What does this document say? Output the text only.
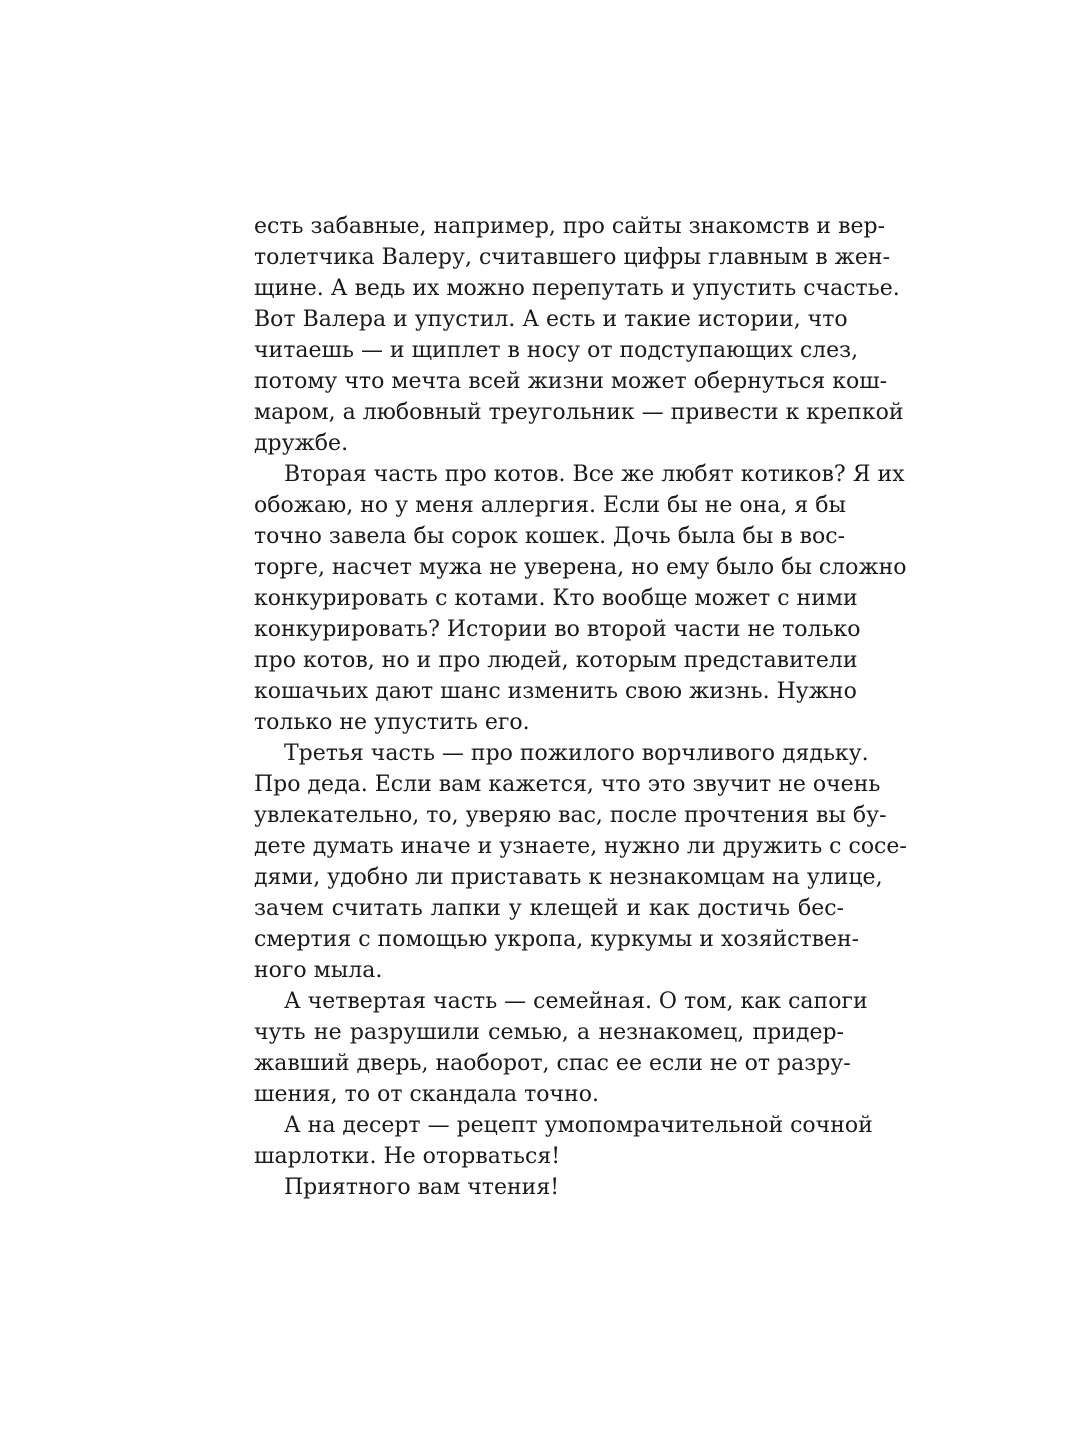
есть забавные, например, про сайты знакомств и вер-
толетчика Валеру, считавшего цифры главным в жен-
щине. А ведь их можно перепутать и упустить счастье.
Вот Валера и упустил. А есть и такие истории, что
читаешь — и щиплет в носу от подступающих слез,
потому что мечта всей жизни может обернуться кош-
маром, а любовный треугольник — привести к крепкой
дружбе.
Вторая часть про котов. Все же любят котиков? Я их
обожаю, но у меня аллергия. Если бы не она, я бы
точно завела бы сорок кошек. Дочь была бы в вос-
торге, насчет мужа не уверена, но ему было бы сложно
конкурировать с котами. Кто вообще может с ними
конкурировать? Истории во второй части не только
про котов, но и про людей, которым представители
кошачьих дают шанс изменить свою жизнь. Нужно
только не упустить его.
Третья часть — про пожилого ворчливого дядьку.
Про деда. Если вам кажется, что это звучит не очень
увлекательно, то, уверяю вас, после прочтения вы бу-
дете думать иначе и узнаете, нужно ли дружить с сосе-
дями, удобно ли приставать к незнакомцам на улице,
зачем считать лапки у клещей и как достичь бес-
смертия с помощью укропа, куркумы и хозяйствен-
ного мыла.
А четвертая часть — семейная. О том, как сапоги
чуть не разрушили семью, а незнакомец, придер-
жавший дверь, наоборот, спас ее если не от разру-
шения, то от скандала точно.
А на десерт — рецепт умопомрачительной сочной
шарлотки. Не оторваться!
Приятного вам чтения!
